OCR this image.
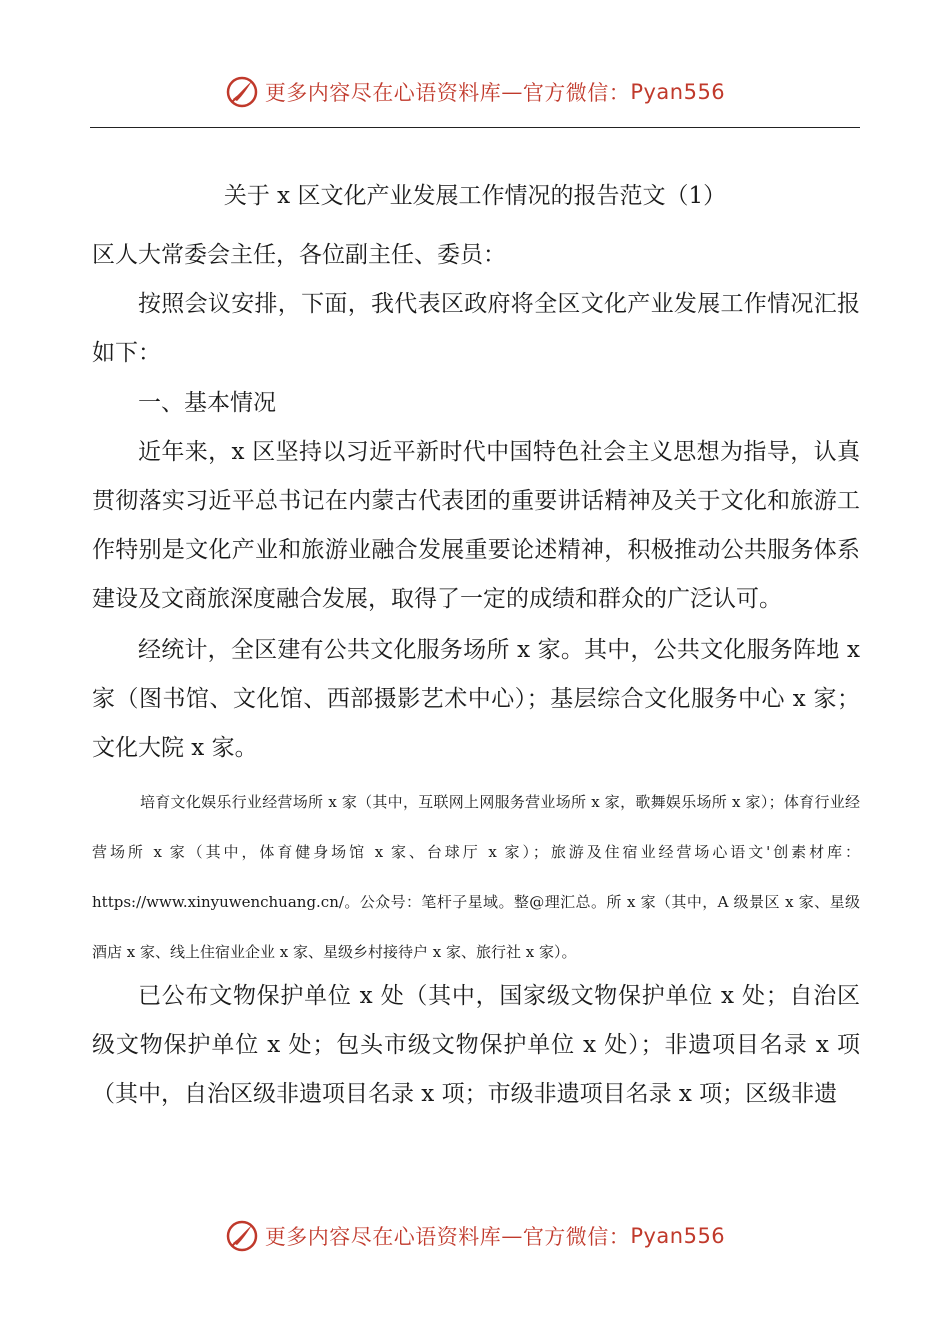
更多内容尽在心语资料库 — 官方微信： Pyan556
关于 x 区文化产业发展工作情况的报告范文（1）

区人大常委会主任，各位副主任、委员：

按照会议安排，下面，我代表区政府将全区文化产业发展工作情况汇报如下：

一、基本情况

近年来，x 区坚持以习近平新时代中国特色社会主义思想为指导，认真贯彻落实习近平总书记在内蒙古代表团的重要讲话精神及关于文化和旅游工作特别是文化产业和旅游业融合发展重要论述精神，积极推动公共服务体系建设及文商旅深度融合发展，取得了一定的成绩和群众的广泛认可。

经统计，全区建有公共文化服务场所 x 家。其中，公共文化服务阵地 x 家（图书馆、文化馆、西部摄影艺术中心）；基层综合文化服务中心 x 家；文化大院 x 家。

培育文化娱乐行业经营场所 x 家（其中，互联网上网服务营业场所 x 家，歌舞娱乐场所 x 家）；体育行业经营场所 x 家（其中，体育健身场馆 x 家、台球厅 x 家）；旅游及住宿业经营场心语文'创素材库：https://www.xinyuwenchuang.cn/。公众号：笔杆子星域。整@理汇总。所 x 家（其中，A 级景区 x 家、星级酒店 x 家、线上住宿业企业 x 家、星级乡村接待户 x 家、旅行社 x 家）。

已公布文物保护单位 x 处（其中，国家级文物保护单位 x 处；自治区级文物保护单位 x 处；包头市级文物保护单位 x 处）；非遗项目名录 x 项（其中，自治区级非遗项目名录 x 项；市级非遗项目名录 x 项；区级非遗

更多内容尽在心语资料库 — 官方微信： Pyan556
